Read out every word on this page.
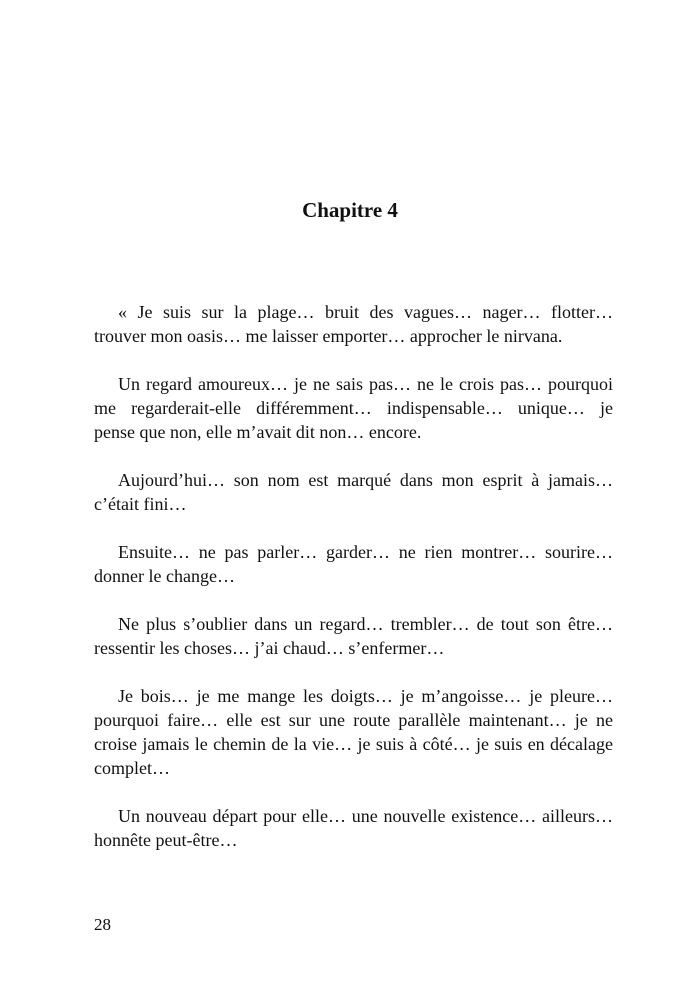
Chapitre 4
« Je suis sur la plage… bruit des vagues… nager… flotter…
trouver mon oasis… me laisser emporter… approcher le nirvana.
Un regard amoureux… je ne sais pas… ne le crois pas… pourquoi
me regarderait-elle différemment… indispensable… unique… je
pense que non, elle m’avait dit non… encore.
Aujourd’hui… son nom est marqué dans mon esprit à jamais…
c’était fini…
Ensuite… ne pas parler… garder… ne rien montrer… sourire…
donner le change…
Ne plus s’oublier dans un regard… trembler… de tout son être…
ressentir les choses… j’ai chaud… s’enfermer…
Je bois… je me mange les doigts… je m’angoisse… je pleure…
pourquoi faire… elle est sur une route parallèle maintenant… je ne
croise jamais le chemin de la vie… je suis à côté… je suis en décalage
complet…
Un nouveau départ pour elle… une nouvelle existence… ailleurs…
honnête peut-être…
28
